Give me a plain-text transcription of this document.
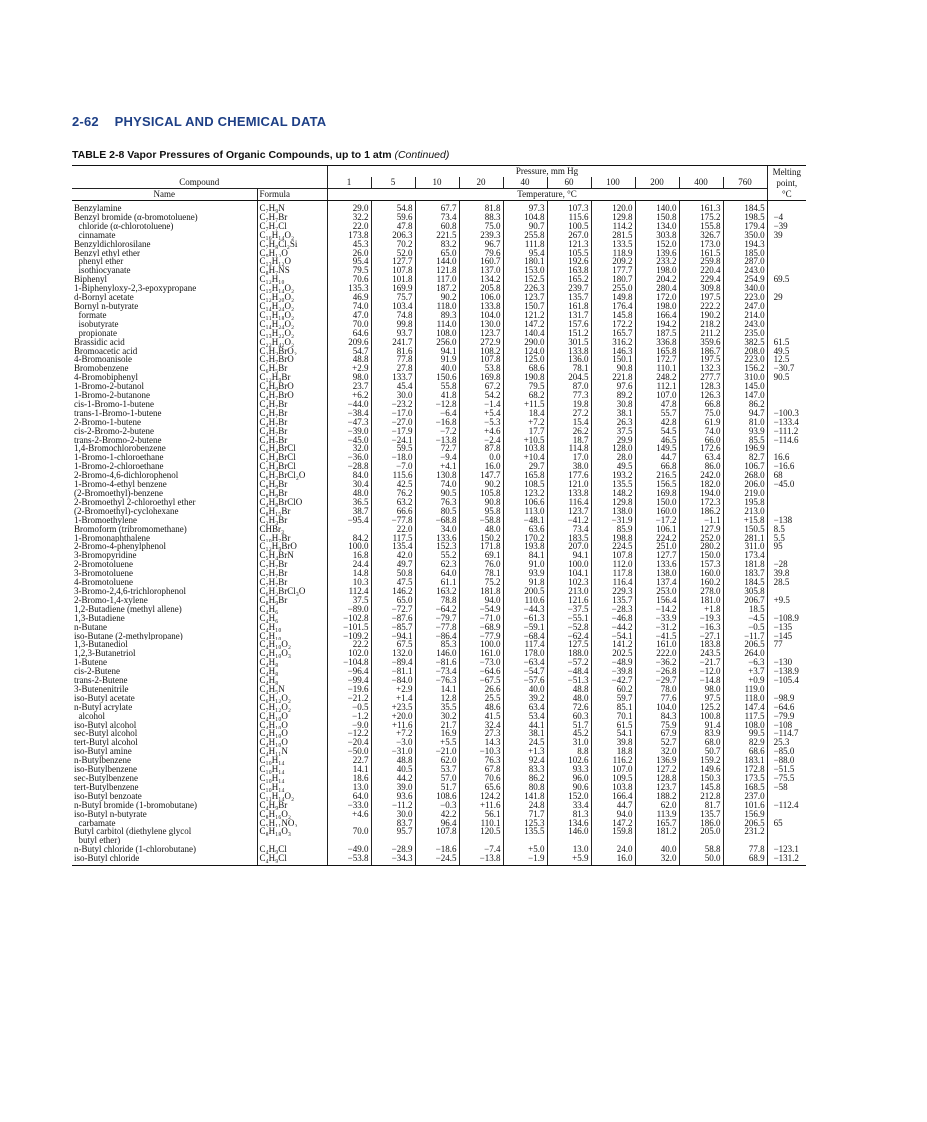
2-62 PHYSICAL AND CHEMICAL DATA
TABLE 2-8 Vapor Pressures of Organic Compounds, up to 1 atm (Continued)
		Pressure, mm Hg										Melting
point,
°C
Compound		1	5	10	20	40	60	100	200	400	760	
Name	Formula	Temperature, °C										
Benzylamine	C₇H₉N	29.0	54.8	67.7	81.8	97.3	107.3	120.0	140.0	161.3	184.5	
Benzyl bromide (α-bromotoluene)	C₇H₇Br	32.2	59.6	73.4	88.3	104.8	115.6	129.8	150.8	175.2	198.5	−4
chloride (α-chlorotoluene)	C₇H₇Cl	22.0	47.8	60.8	75.0	90.7	100.5	114.2	134.0	155.8	179.4	−39
cinnamate	C₁₆H₁₄O₂	173.8	206.3	221.5	239.3	255.8	267.0	281.5	303.8	326.7	350.0	39
Benzyldichlorosilane	C₇H₈Cl₂Si	45.3	70.2	83.2	96.7	111.8	121.3	133.5	152.0	173.0	194.3	
Benzyl ethyl ether	C₉H₁₂O	26.0	52.0	65.0	79.6	95.4	105.5	118.9	139.6	161.5	185.0	
phenyl ether	C₁₃H₁₂O	95.4	127.7	144.0	160.7	180.1	192.6	209.2	233.2	259.8	287.0	
isothiocyanate	C₈H₇NS	79.5	107.8	121.8	137.0	153.0	163.8	177.7	198.0	220.4	243.0	
Biphenyl	C₁₂H₁₀	70.6	101.8	117.0	134.2	152.5	165.2	180.7	204.2	229.4	254.9	69.5
1-Biphenyloxy-2,3-epoxypropane	C₁₅H₁₄O₂	135.3	169.9	187.2	205.8	226.3	239.7	255.0	280.4	309.8	340.0	
d-Bornyl acetate	C₁₂H₂₀O₂	46.9	75.7	90.2	106.0	123.7	135.7	149.8	172.0	197.5	223.0	29
Bornyl n-butyrate	C₁₄H₂₄O₂	74.0	103.4	118.0	133.8	150.7	161.8	176.4	198.0	222.2	247.0	
formate	C₁₁H₁₈O₂	47.0	74.8	89.3	104.0	121.2	131.7	145.8	166.4	190.2	214.0	
isobutyrate	C₁₄H₂₄O₂	70.0	99.8	114.0	130.0	147.2	157.6	172.2	194.2	218.2	243.0	
propionate	C₁₃H₂₂O₂	64.6	93.7	108.0	123.7	140.4	151.2	165.7	187.5	211.2	235.0	
Brassidic acid	C₂₂H₄₂O₂	209.6	241.7	256.0	272.9	290.0	301.5	316.2	336.8	359.6	382.5	61.5
Bromoacetic acid	C₂H₃BrO₂	54.7	81.6	94.1	108.2	124.0	133.8	146.3	165.8	186.7	208.0	49.5
4-Bromoanisole	C₇H₇BrO	48.8	77.8	91.9	107.8	125.0	136.0	150.1	172.7	197.5	223.0	12.5
Bromobenzene	C₆H₅Br	+2.9	27.8	40.0	53.8	68.6	78.1	90.8	110.1	132.3	156.2	−30.7
4-Bromobiphenyl	C₁₂H₉Br	98.0	133.7	150.6	169.8	190.8	204.5	221.8	248.2	277.7	310.0	90.5
1-Bromo-2-butanol	C₄H₉BrO	23.7	45.4	55.8	67.2	79.5	87.0	97.6	112.1	128.3	145.0	
1-Bromo-2-butanone	C₄H₇BrO	+6.2	30.0	41.8	54.2	68.2	77.3	89.2	107.0	126.3	147.0	
cis-1-Bromo-1-butene	C₄H₇Br	−44.0	−23.2	−12.8	−1.4	+11.5	19.8	30.8	47.8	66.8	86.2	
trans-1-Bromo-1-butene	C₄H₇Br	−38.4	−17.0	−6.4	+5.4	18.4	27.2	38.1	55.7	75.0	94.7	−100.3
2-Bromo-1-butene	C₄H₇Br	−47.3	−27.0	−16.8	−5.3	+7.2	15.4	26.3	42.8	61.9	81.0	−133.4
cis-2-Bromo-2-butene	C₄H₇Br	−39.0	−17.9	−7.2	+4.6	17.7	26.2	37.5	54.5	74.0	93.9	−111.2
trans-2-Bromo-2-butene	C₄H₇Br	−45.0	−24.1	−13.8	−2.4	+10.5	18.7	29.9	46.5	66.0	85.5	−114.6
1,4-Bromochlorobenzene	C₆H₄BrCl	32.0	59.5	72.7	87.8	103.8	114.8	128.0	149.5	172.6	196.9	
1-Bromo-1-chloroethane	C₂H₄BrCl	−36.0	−18.0	−9.4	0.0	+10.4	17.0	28.0	44.7	63.4	82.7	16.6
1-Bromo-2-chloroethane	C₂H₄BrCl	−28.8	−7.0	+4.1	16.0	29.7	38.0	49.5	66.8	86.0	106.7	−16.6
2-Bromo-4,6-dichlorophenol	C₆H₃BrCl₂O	84.0	115.6	130.8	147.7	165.8	177.6	193.2	216.5	242.0	268.0	68
1-Bromo-4-ethyl benzene	C₈H₉Br	30.4	42.5	74.0	90.2	108.5	121.0	135.5	156.5	182.0	206.0	−45.0
(2-Bromoethyl)-benzene	C₈H₉Br	48.0	76.2	90.5	105.8	123.2	133.8	148.2	169.8	194.0	219.0	
2-Bromoethyl 2-chloroethyl ether	C₄H₈BrClO	36.5	63.2	76.3	90.8	106.6	116.4	129.8	150.0	172.3	195.8	
(2-Bromoethyl)-cyclohexane	C₈H₁₅Br	38.7	66.6	80.5	95.8	113.0	123.7	138.0	160.0	186.2	213.0	
1-Bromoethylene	C₂H₃Br	−95.4	−77.8	−68.8	−58.8	−48.1	−41.2	−31.9	−17.2	−1.1	+15.8	−138
Bromoform (tribromomethane)	CHBr₃		22.0	34.0	48.0	63.6	73.4	85.9	106.1	127.9	150.5	8.5
1-Bromonaphthalene	C₁₀H₇Br	84.2	117.5	133.6	150.2	170.2	183.5	198.8	224.2	252.0	281.1	5.5
2-Bromo-4-phenylphenol	C₁₂H₉BrO	100.0	135.4	152.3	171.8	193.8	207.0	224.5	251.0	280.2	311.0	95
3-Bromopyridine	C₅H₄BrN	16.8	42.0	55.2	69.1	84.1	94.1	107.8	127.7	150.0	173.4	
2-Bromotoluene	C₇H₇Br	24.4	49.7	62.3	76.0	91.0	100.0	112.0	133.6	157.3	181.8	−28
3-Bromotoluene	C₇H₇Br	14.8	50.8	64.0	78.1	93.9	104.1	117.8	138.0	160.0	183.7	39.8
4-Bromotoluene	C₇H₇Br	10.3	47.5	61.1	75.2	91.8	102.3	116.4	137.4	160.2	184.5	28.5
3-Bromo-2,4,6-trichlorophenol	C₆H₂BrCl₃O	112.4	146.2	163.2	181.8	200.5	213.0	229.3	253.0	278.0	305.8	
2-Bromo-1,4-xylene	C₈H₉Br	37.5	65.0	78.8	94.0	110.6	121.6	135.7	156.4	181.0	206.7	+9.5
1,2-Butadiene (methyl allene)	C₄H₆	−89.0	−72.7	−64.2	−54.9	−44.3	−37.5	−28.3	−14.2	+1.8	18.5	
1,3-Butadiene	C₄H₆	−102.8	−87.6	−79.7	−71.0	−61.3	−55.1	−46.8	−33.9	−19.3	−4.5	−108.9
n-Butane	C₄H₁₀	−101.5	−85.7	−77.8	−68.9	−59.1	−52.8	−44.2	−31.2	−16.3	−0.5	−135
iso-Butane (2-methylpropane)	C₄H₁₀	−109.2	−94.1	−86.4	−77.9	−68.4	−62.4	−54.1	−41.5	−27.1	−11.7	−145
1,3-Butanediol	C₄H₁₀O₂	22.2	67.5	85.3	100.0	117.4	127.5	141.2	161.0	183.8	206.5	77
1,2,3-Butanetriol	C₄H₁₀O₃	102.0	132.0	146.0	161.0	178.0	188.0	202.5	222.0	243.5	264.0	
1-Butene	C₄H₈	−104.8	−89.4	−81.6	−73.0	−63.4	−57.2	−48.9	−36.2	−21.7	−6.3	−130
cis-2-Butene	C₄H₈	−96.4	−81.1	−73.4	−64.6	−54.7	−48.4	−39.8	−26.8	−12.0	+3.7	−138.9
trans-2-Butene	C₄H₈	−99.4	−84.0	−76.3	−67.5	−57.6	−51.3	−42.7	−29.7	−14.8	+0.9	−105.4
3-Butenenitrile	C₄H₅N	−19.6	+2.9	14.1	26.6	40.0	48.8	60.2	78.0	98.0	119.0	
iso-Butyl acetate	C₆H₁₂O₂	−21.2	+1.4	12.8	25.5	39.2	48.0	59.7	77.6	97.5	118.0	−98.9
n-Butyl acrylate	C₇H₁₂O₂	−0.5	+23.5	35.5	48.6	63.4	72.6	85.1	104.0	125.2	147.4	−64.6
alcohol	C₄H₁₀O	−1.2	+20.0	30.2	41.5	53.4	60.3	70.1	84.3	100.8	117.5	−79.9
iso-Butyl alcohol	C₄H₁₀O	−9.0	+11.6	21.7	32.4	44.1	51.7	61.5	75.9	91.4	108.0	−108
sec-Butyl alcohol	C₄H₁₀O	−12.2	+7.2	16.9	27.3	38.1	45.2	54.1	67.9	83.9	99.5	−114.7
tert-Butyl alcohol	C₄H₁₀O	−20.4	−3.0	+5.5	14.3	24.5	31.0	39.8	52.7	68.0	82.9	25.3
iso-Butyl amine	C₄H₁₁N	−50.0	−31.0	−21.0	−10.3	+1.3	8.8	18.8	32.0	50.7	68.6	−85.0
n-Butylbenzene	C₁₀H₁₄	22.7	48.8	62.0	76.3	92.4	102.6	116.2	136.9	159.2	183.1	−88.0
iso-Butylbenzene	C₁₀H₁₄	14.1	40.5	53.7	67.8	83.3	93.3	107.0	127.2	149.6	172.8	−51.5
sec-Butylbenzene	C₁₀H₁₄	18.6	44.2	57.0	70.6	86.2	96.0	109.5	128.8	150.3	173.5	−75.5
tert-Butylbenzene	C₁₀H₁₄	13.0	39.0	51.7	65.6	80.8	90.6	103.8	123.7	145.8	168.5	−58
iso-Butyl benzoate	C₁₁H₁₄O₂	64.0	93.6	108.6	124.2	141.8	152.0	166.4	188.2	212.8	237.0	
n-Butyl bromide (1-bromobutane)	C₄H₉Br	−33.0	−11.2	−0.3	+11.6	24.8	33.4	44.7	62.0	81.7	101.6	−112.4
iso-Butyl n-butyrate	C₈H₁₆O₂	+4.6	30.0	42.2	56.1	71.7	81.3	94.0	113.9	135.7	156.9	
carbamate	C₅H₁₁NO₂		83.7	96.4	110.1	125.3	134.6	147.2	165.7	186.0	206.5	65
Butyl carbitol (diethylene glycol	C₈H₁₈O₃	70.0	95.7	107.8	120.5	135.5	146.0	159.8	181.2	205.0	231.2	
butyl ether)												
n-Butyl chloride (1-chlorobutane)	C₄H₉Cl	−49.0	−28.9	−18.6	−7.4	+5.0	13.0	24.0	40.0	58.8	77.8	−123.1
iso-Butyl chloride	C₄H₉Cl	−53.8	−34.3	−24.5	−13.8	−1.9	+5.9	16.0	32.0	50.0	68.9	−131.2
